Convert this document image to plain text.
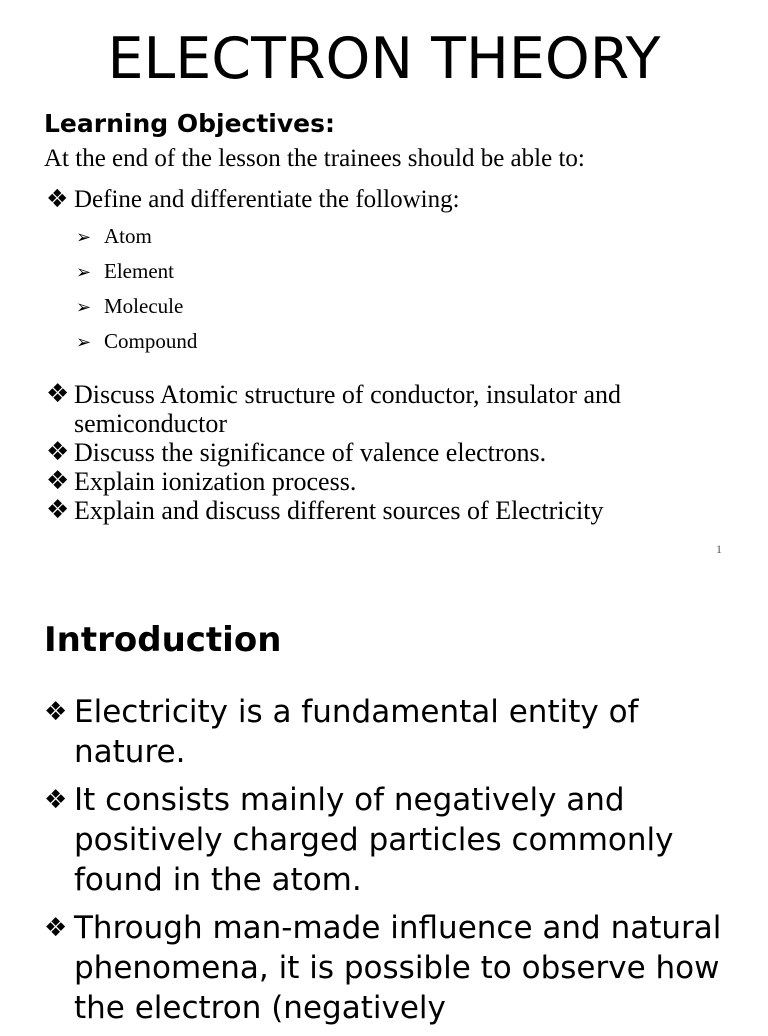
ELECTRON THEORY
Learning Objectives:
At the end of the lesson the trainees should be able to:
❖ Define and differentiate the following:
➢ Atom
➢ Element
➢ Molecule
➢ Compound
❖ Discuss Atomic structure of conductor, insulator and semiconductor
❖ Discuss the significance of valence electrons.
❖ Explain ionization process.
❖ Explain and discuss different sources of Electricity
1
Introduction
❖ Electricity is a fundamental entity of nature.
❖ It consists mainly of negatively and positively charged particles commonly found in the atom.
❖ Through man-made influence and natural phenomena, it is possible to observe how the electron (negatively
